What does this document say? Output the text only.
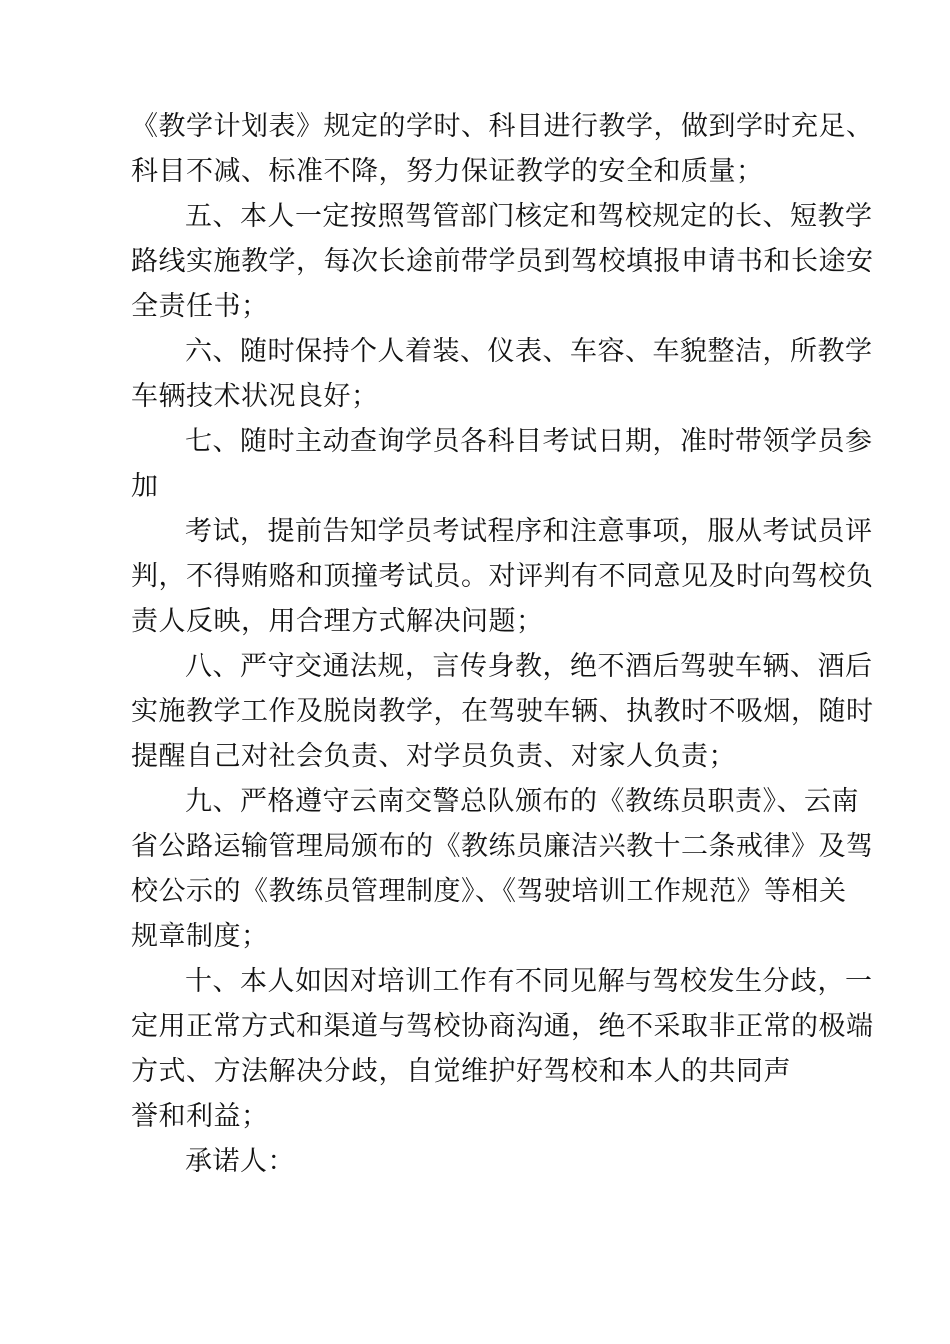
《教学计划表》规定的学时、科目进行教学，做到学时充足、
科目不减、标准不降，努力保证教学的安全和质量；
五、本人一定按照驾管部门核定和驾校规定的长、短教学
路线实施教学，每次长途前带学员到驾校填报申请书和长途安
全责任书；
六、随时保持个人着装、仪表、车容、车貌整洁，所教学
车辆技术状况良好；
七、随时主动查询学员各科目考试日期，准时带领学员参
加
考试，提前告知学员考试程序和注意事项，服从考试员评
判，不得贿赂和顶撞考试员。对评判有不同意见及时向驾校负
责人反映，用合理方式解决问题；
八、严守交通法规，言传身教，绝不酒后驾驶车辆、酒后
实施教学工作及脱岗教学，在驾驶车辆、执教时不吸烟，随时
提醒自己对社会负责、对学员负责、对家人负责；
九、严格遵守云南交警总队颁布的《教练员职责》、云南
省公路运输管理局颁布的《教练员廉洁兴教十二条戒律》及驾
校公示的《教练员管理制度》、《驾驶培训工作规范》等相关
规章制度；
十、本人如因对培训工作有不同见解与驾校发生分歧，一
定用正常方式和渠道与驾校协商沟通，绝不采取非正常的极端
方式、方法解决分歧，自觉维护好驾校和本人的共同声
誉和利益；
承诺人：
